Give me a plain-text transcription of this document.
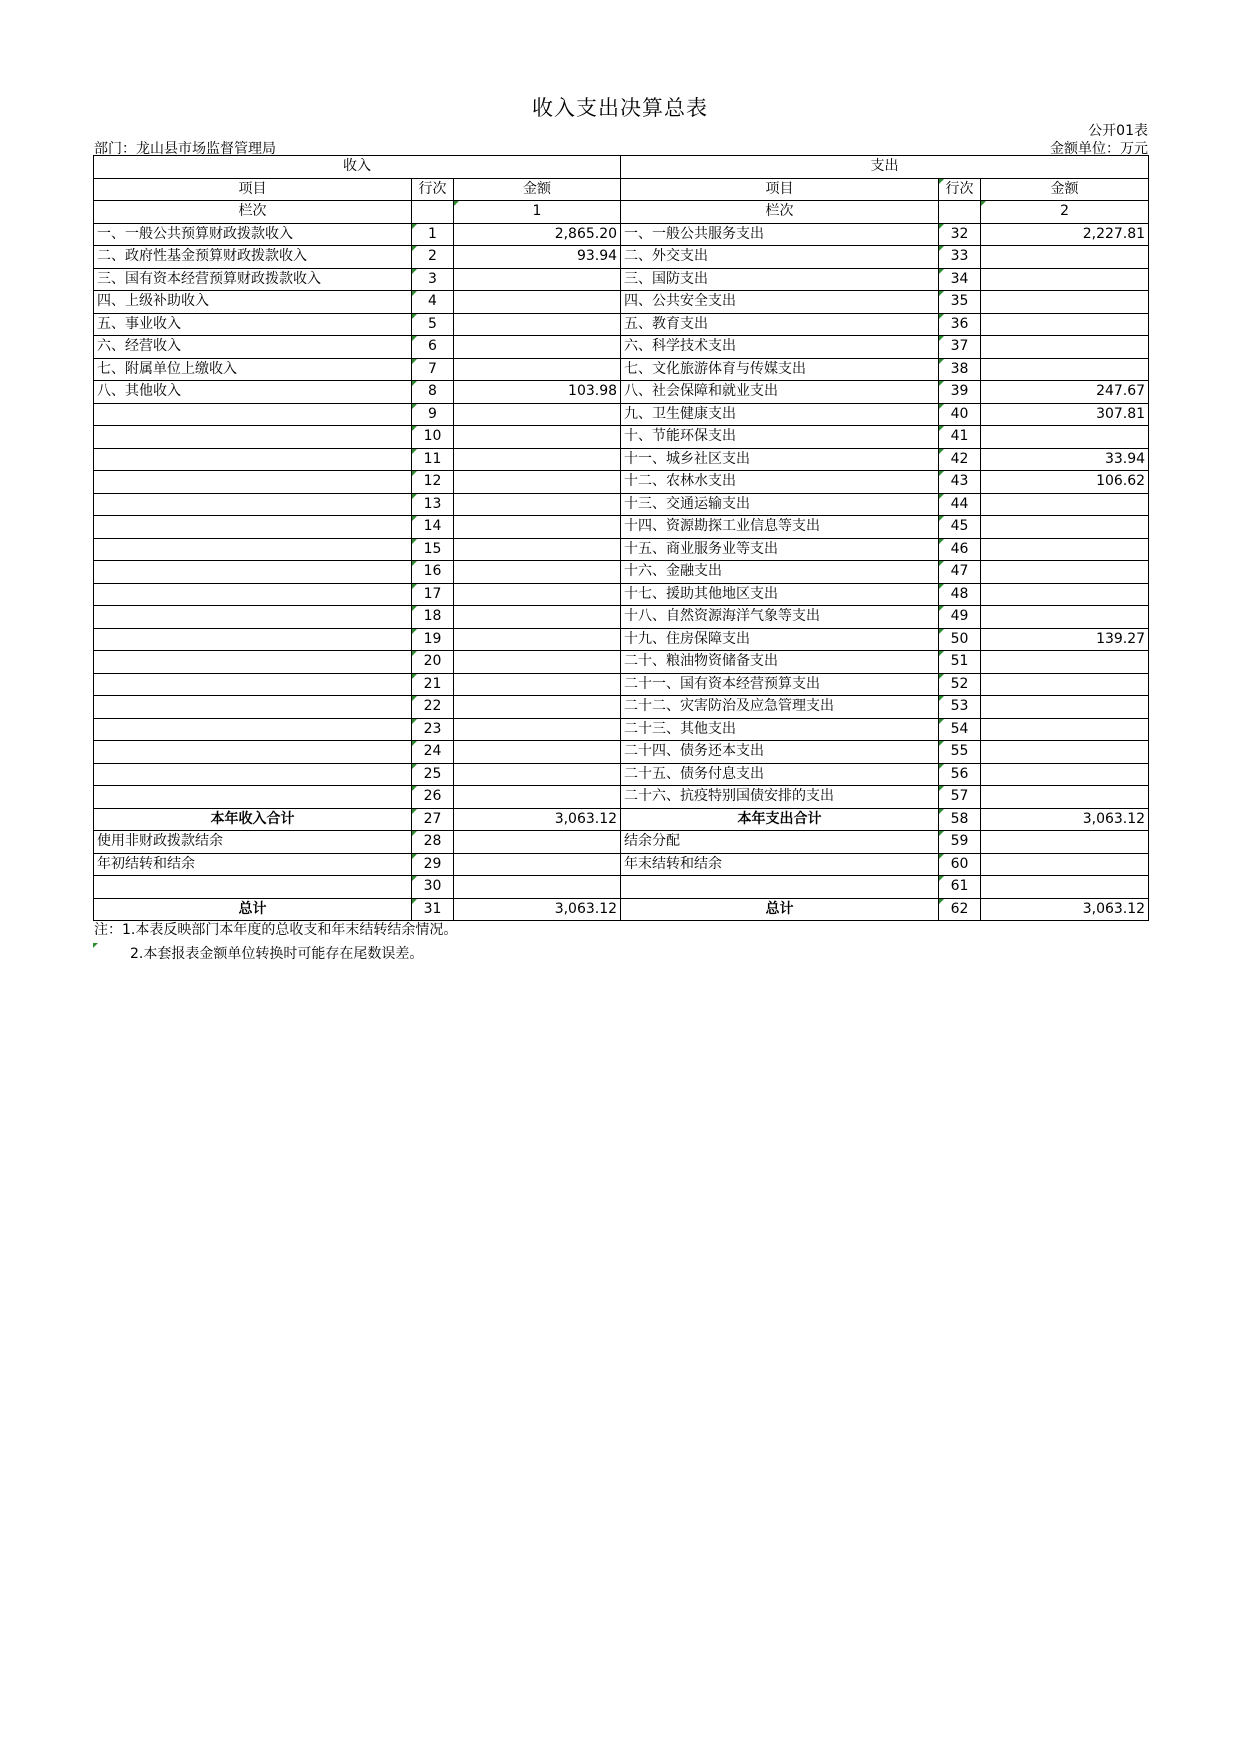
收入支出决算总表
公开01表
部门：龙山县市场监督管理局	金额单位：万元
收入			支出		
项目	行次	金额	项目	行次	金额
栏次		1	栏次		2
一、一般公共预算财政拨款收入	1	2,865.20	一、一般公共服务支出	32	2,227.81
二、政府性基金预算财政拨款收入	2	93.94	二、外交支出	33	
三、国有资本经营预算财政拨款收入	3		三、国防支出	34	
四、上级补助收入	4		四、公共安全支出	35	
五、事业收入	5		五、教育支出	36	
六、经营收入	6		六、科学技术支出	37	
七、附属单位上缴收入	7		七、文化旅游体育与传媒支出	38	
八、其他收入	8	103.98	八、社会保障和就业支出	39	247.67
	9		九、卫生健康支出	40	307.81
	10		十、节能环保支出	41	
	11		十一、城乡社区支出	42	33.94
	12		十二、农林水支出	43	106.62
	13		十三、交通运输支出	44	
	14		十四、资源勘探工业信息等支出	45	
	15		十五、商业服务业等支出	46	
	16		十六、金融支出	47	
	17		十七、援助其他地区支出	48	
	18		十八、自然资源海洋气象等支出	49	
	19		十九、住房保障支出	50	139.27
	20		二十、粮油物资储备支出	51	
	21		二十一、国有资本经营预算支出	52	
	22		二十二、灾害防治及应急管理支出	53	
	23		二十三、其他支出	54	
	24		二十四、债务还本支出	55	
	25		二十五、债务付息支出	56	
	26		二十六、抗疫特别国债安排的支出	57	
本年收入合计	27	3,063.12	本年支出合计	58	3,063.12
使用非财政拨款结余	28		结余分配	59	
年初结转和结余	29		年末结转和结余	60	
	30			61	
总计	31	3,063.12	总计	62	3,063.12
注：1.本表反映部门本年度的总收支和年末结转结余情况。
2.本套报表金额单位转换时可能存在尾数误差。
